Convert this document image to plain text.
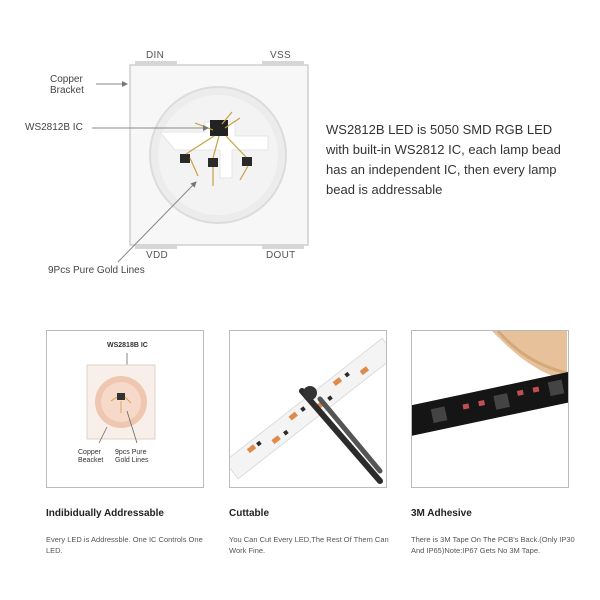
DIN	VSS
VDD	DOUT
Copper Bracket
WS2812B IC
9Pcs Pure Gold Lines
WS2812B LED is 5050 SMD RGB LED with built-in WS2812 IC, each lamp bead has an independent IC, then every lamp bead is addressable
WS2818B IC
Copper Beacket
9pcs Pure Gold Lines
Indibidually Addressable
Every LED is Addressble. One IC Controls One LED.
Cuttable
You Can Cut Every LED,The Rest Of Them Can Work Fine.
3M Adhesive
There is 3M Tape On The PCB's Back.(Only IP30 And IP65)Note:IP67 Gets No 3M Tape.
